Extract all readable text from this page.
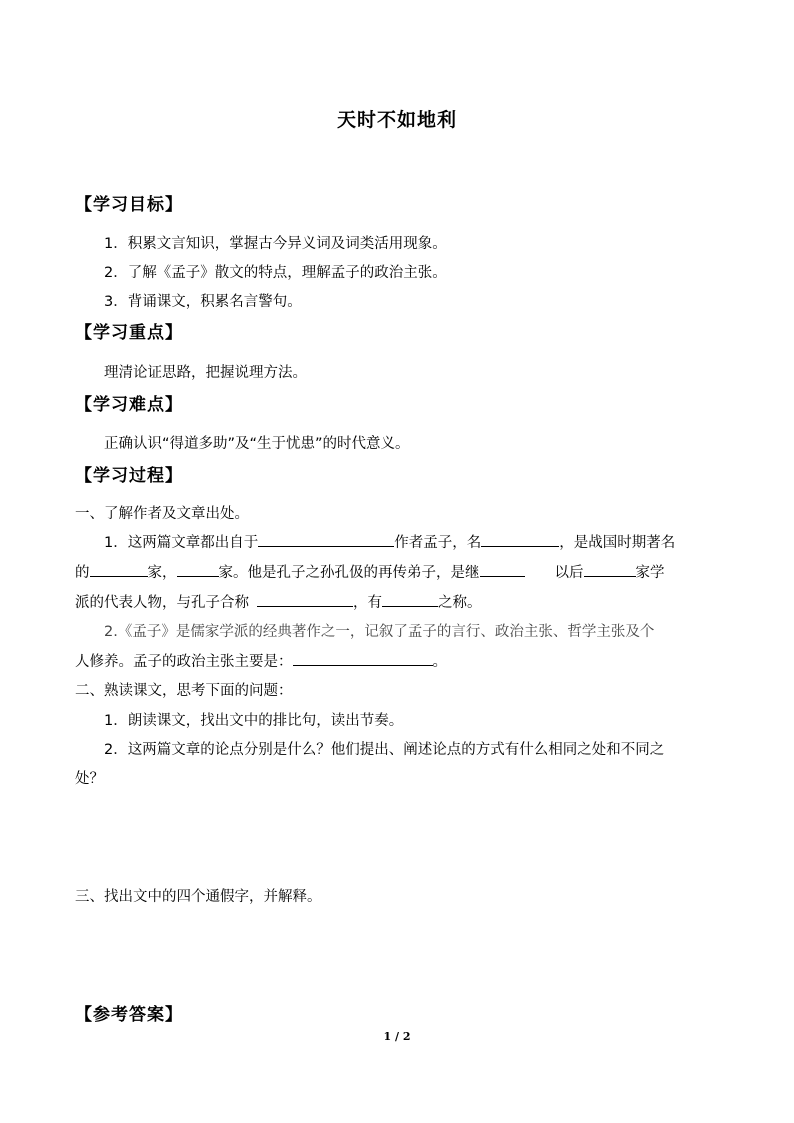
天时不如地利
【学习目标】
1．积累文言知识，掌握古今异义词及词类活用现象。
2．了解《孟子》散文的特点，理解孟子的政治主张。
3．背诵课文，积累名言警句。
【学习重点】
理清论证思路，把握说理方法。
【学习难点】
正确认识“得道多助”及“生于忧患”的时代意义。
【学习过程】
一、了解作者及文章出处。
1．这两篇文章都出自于	作者孟子，名	，是战国时期著名
的	家，	家。他是孔子之孙孔伋的再传弟子，是继	以后	家学
派的代表人物，与孔子合称	，有	之称。
2.《孟子》是儒家学派的经典著作之一，记叙了孟子的言行、政治主张、哲学主张及个
人修养。孟子的政治主张主要是：	。
二、熟读课文，思考下面的问题：
1．朗读课文，找出文中的排比句，读出节奏。
2．这两篇文章的论点分别是什么？他们提出、阐述论点的方式有什么相同之处和不同之
处？
三、找出文中的四个通假字，并解释。
【参考答案】
1 / 2
